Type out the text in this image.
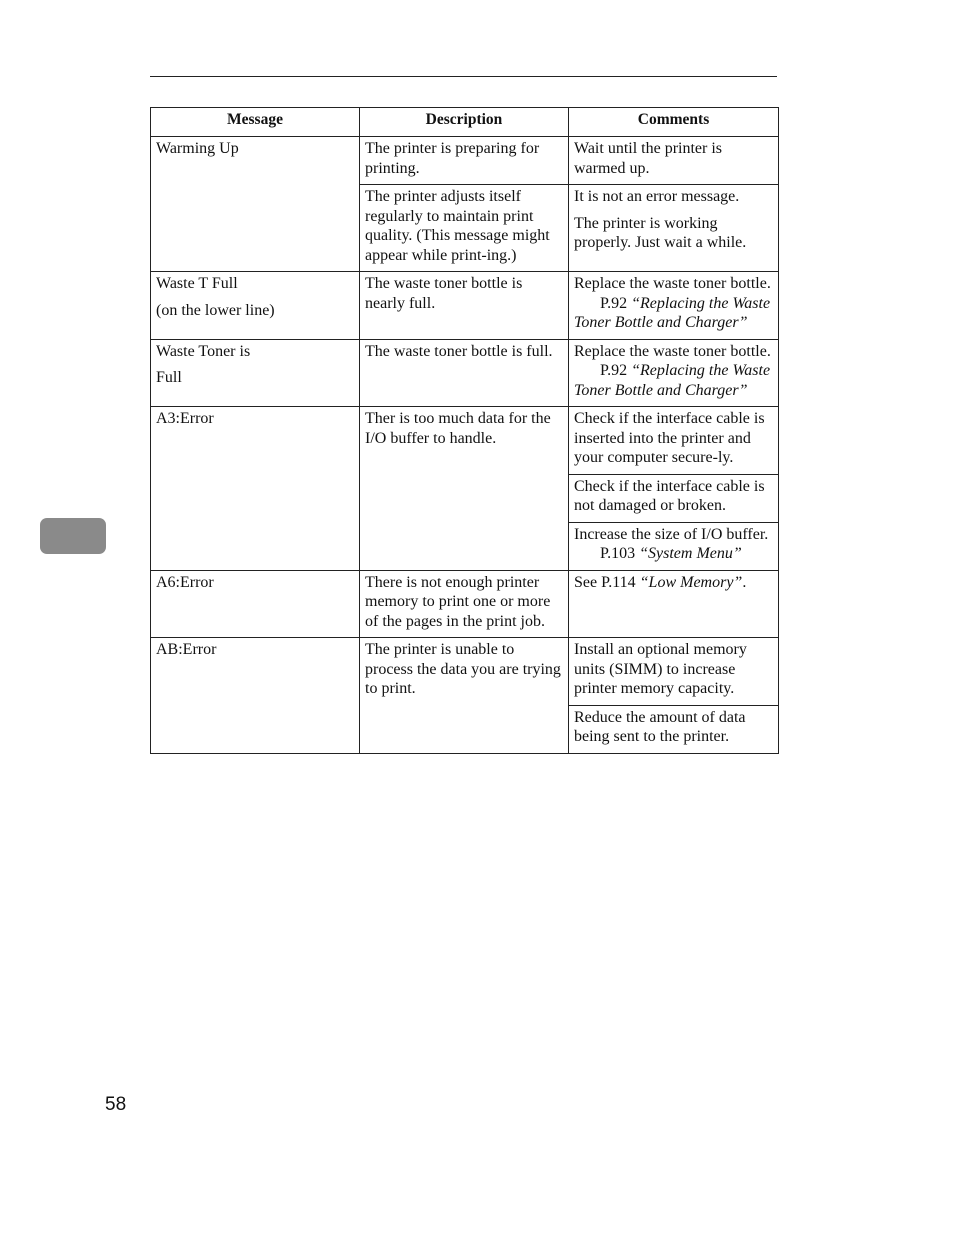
Message	Description	Comments
Warming Up	The printer is preparing for printing.	Wait until the printer is warmed up.
	The printer adjusts itself regularly to maintain print quality. (This message might appear while print-ing.)	It is not an error message.
The printer is working properly. Just wait a while.

Waste T Full
(on the lower line)	The waste toner bottle is nearly full.	Replace the waste toner bottle.
P.92 “Replacing the Waste Toner Bottle and Charger”

Waste Toner is
Full	The waste toner bottle is full.	Replace the waste toner bottle.
P.92 “Replacing the Waste Toner Bottle and Charger”
A3:Error	Ther is too much data for the I/O buffer to handle.	Check if the interface cable is inserted into the printer and your computer secure-ly.
		Check if the interface cable is not damaged or broken.
		Increase the size of I/O buffer.
P.103 “System Menu”
A6:Error	There is not enough printer memory to print one or more of the pages in the print job.	See P.114 “Low Memory”.
AB:Error	The printer is unable to process the data you are trying to print.	Install an optional memory units (SIMM) to increase printer memory capacity.
		Reduce the amount of data being sent to the printer.
58
